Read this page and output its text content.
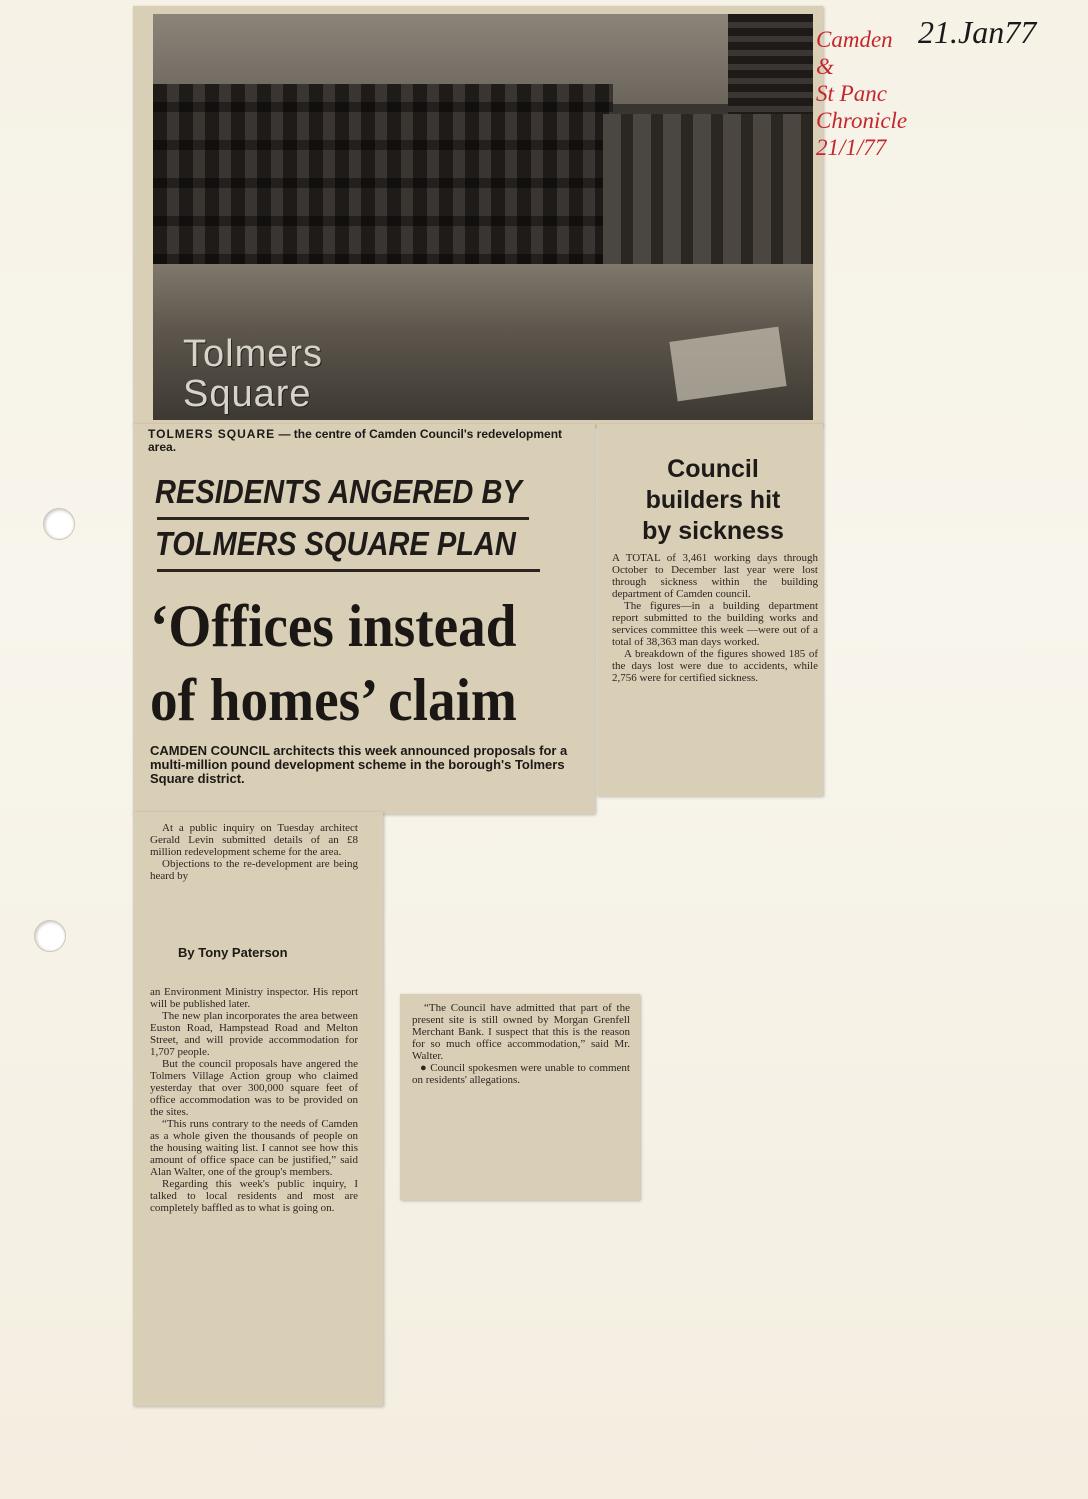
Tolmers
Square
TOLMERS SQUARE — the centre of Camden Council's redevelopment area.
RESIDENTS ANGERED BY
TOLMERS SQUARE PLAN
‘Offices instead
of homes’ claim
CAMDEN COUNCIL architects this week announced proposals for a multi-million pound development scheme in the borough's Tolmers Square district.

At a public inquiry on Tuesday architect Gerald Levin submitted details of an £8 million redevelopment scheme for the area.

Objections to the re-development are being heard by

By Tony Paterson

an Environment Ministry inspector. His report will be published later.

The new plan incorporates the area between Euston Road, Hampstead Road and Melton Street, and will provide accommodation for 1,707 people.

But the council proposals have angered the Tolmers Village Action group who claimed yesterday that over 300,000 square feet of office accommodation was to be provided on the sites.

“This runs contrary to the needs of Camden as a whole given the thousands of people on the housing waiting list. I cannot see how this amount of office space can be justified,” said Alan Walter, one of the group's members.

Regarding this week's public inquiry, I talked to local residents and most are completely baffled as to what is going on.

“The Council have admitted that part of the present site is still owned by Morgan Grenfell Merchant Bank. I suspect that this is the reason for so much office accommodation,” said Mr. Walter.

● Council spokesmen were unable to comment on residents' allegations.

Council
builders hit
by sickness

A TOTAL of 3,461 working days through October to December last year were lost through sickness within the building department of Camden council.

The figures—in a building department report submitted to the building works and services committee this week —were out of a total of 38,363 man days worked.

A breakdown of the figures showed 185 of the days lost were due to accidents, while 2,756 were for certified sickness.

21.Jan77
Camden
&
St Panc
Chronicle
21/1/77
